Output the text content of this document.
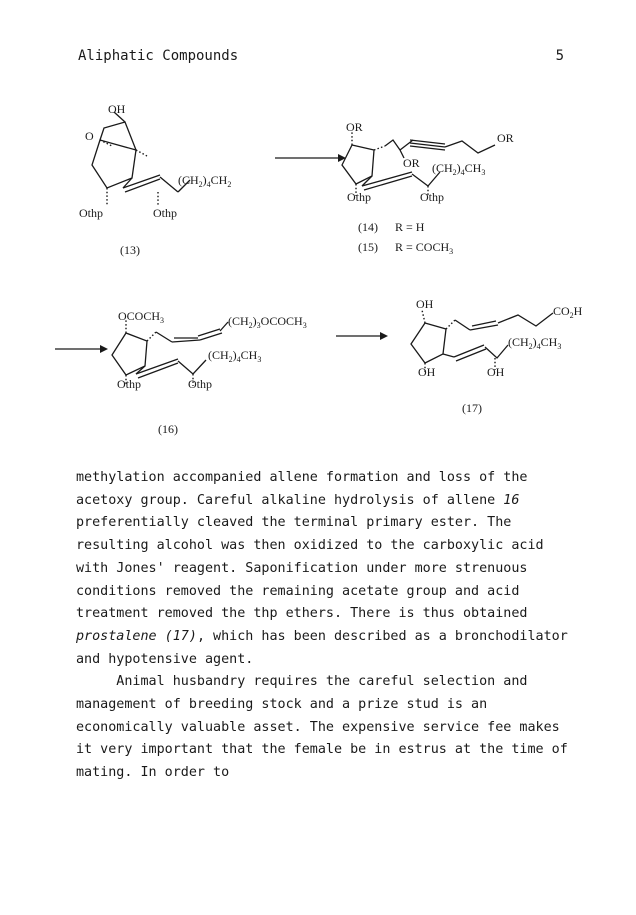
Aliphatic Compounds	5
OH
O
$(CH_2)_4CH_2$
Othp	Othp
(13)
OR
OR
OR $(CH_2)_4CH_3$
Othp	Othp
(14) R = H
(15) $R = COCH_3$
$OCOCH_3$	$(CH_2)_3OCOCH_3$
$(CH_2)_4CH_3$
Othp	Othp
(16)
OH	$CO_2H$
$(CH_2)_4CH_3$
OH	OH
(17)

methylation accompanied allene formation and loss of the acetoxy group. Careful alkaline hydrolysis of allene 16 preferentially cleaved the terminal primary ester. The resulting alcohol was then oxidized to the carboxylic acid with Jones' reagent. Saponification under more strenuous conditions removed the remaining acetate group and acid treatment removed the thp ethers. There is thus obtained prostalene (17), which has been described as a bronchodilator and hypotensive agent.

Animal husbandry requires the careful selection and management of breeding stock and a prize stud is an economically valuable asset. The expensive service fee makes it very important that the female be in estrus at the time of mating. In order to
